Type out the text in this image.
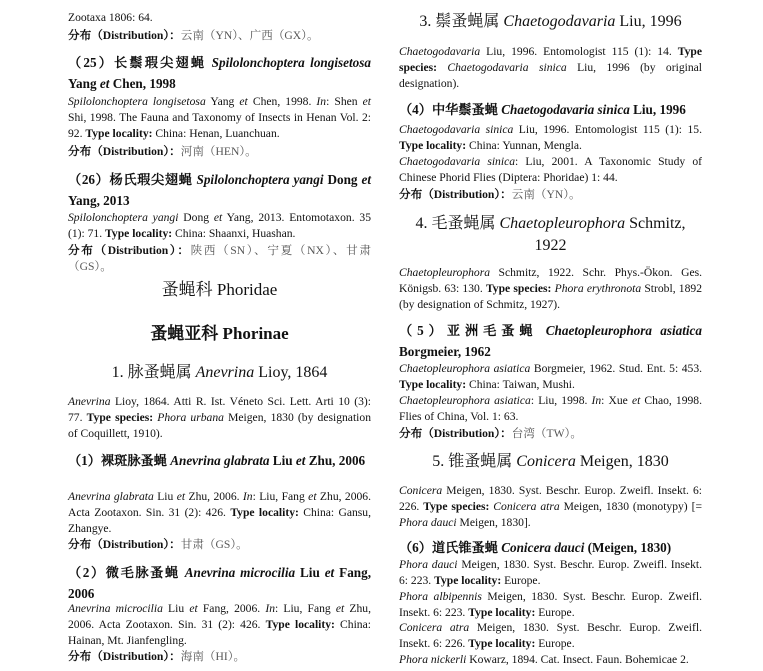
Zootaxa 1806: 64.
分布（Distribution）：云南（YN）、广西（GX）。
（25）长鬃瑕尖翅蝇 Spilolonchoptera longisetosa Yang et Chen, 1998
Spilolonchoptera longisetosa Yang et Chen, 1998. In: Shen et Shi, 1998. The Fauna and Taxonomy of Insects in Henan Vol. 2: 92. Type locality: China: Henan, Luanchuan.
分布（Distribution）：河南（HEN）。
（26）杨氏瑕尖翅蝇 Spilolonchoptera yangi Dong et Yang, 2013
Spilolonchoptera yangi Dong et Yang, 2013. Entomotaxon. 35 (1): 71. Type locality: China: Shaanxi, Huashan.
分布（Distribution）：陕西（SN）、宁夏（NX）、甘肃（GS）。
蚤蝇科 Phoridae
蚤蝇亚科 Phorinae
1. 脉蚤蝇属 Anevrina Lioy, 1864
Anevrina Lioy, 1864. Atti R. Ist. Véneto Sci. Lett. Arti 10 (3): 77. Type species: Phora urbana Meigen, 1830 (by designation of Coquillett, 1910).
（1）裸斑脉蚤蝇 Anevrina glabrata Liu et Zhu, 2006
Anevrina glabrata Liu et Zhu, 2006. In: Liu, Fang et Zhu, 2006. Acta Zootaxon. Sin. 31 (2): 426. Type locality: China: Gansu, Zhangye.
分布（Distribution）：甘肃（GS）。
（2）微毛脉蚤蝇 Anevrina microcilia Liu et Fang, 2006
Anevrina microcilia Liu et Fang, 2006. In: Liu, Fang et Zhu, 2006. Acta Zootaxon. Sin. 31 (2): 426. Type locality: China: Hainan, Mt. Jianfengling.
分布（Distribution）：海南（HI）。
3. 鬃蚤蝇属 Chaetogodavaria Liu, 1996
Chaetogodavaria Liu, 1996. Entomologist 115 (1): 14. Type species: Chaetogodavaria sinica Liu, 1996 (by original designation).
（4）中华鬃蚤蝇 Chaetogodavaria sinica Liu, 1996
Chaetogodavaria sinica Liu, 1996. Entomologist 115 (1): 15. Type locality: China: Yunnan, Mengla.
Chaetogodavaria sinica: Liu, 2001. A Taxonomic Study of Chinese Phorid Flies (Diptera: Phoridae) 1: 44.
分布（Distribution）：云南（YN）。
4. 毛蚤蝇属 Chaetopleurophora Schmitz, 1922
Chaetopleurophora Schmitz, 1922. Schr. Phys.-Ökon. Ges. Königsb. 63: 130. Type species: Phora erythronota Strobl, 1892 (by designation of Schmitz, 1927).
（5）亚洲毛蚤蝇 Chaetopleurophora asiatica Borgmeier, 1962
Chaetopleurophora asiatica Borgmeier, 1962. Stud. Ent. 5: 453. Type locality: China: Taiwan, Mushi.
Chaetopleurophora asiatica: Liu, 1998. In: Xue et Chao, 1998. Flies of China, Vol. 1: 63.
分布（Distribution）：台湾（TW）。
5. 锥蚤蝇属 Conicera Meigen, 1830
Conicera Meigen, 1830. Syst. Beschr. Europ. Zweifl. Insekt. 6: 226. Type species: Conicera atra Meigen, 1830 (monotypy) [= Phora dauci Meigen, 1830].
（6）道氏锥蚤蝇 Conicera dauci (Meigen, 1830)
Phora dauci Meigen, 1830. Syst. Beschr. Europ. Zweifl. Insekt. 6: 223. Type locality: Europe.
Phora albipennis Meigen, 1830. Syst. Beschr. Europ. Zweifl. Insekt. 6: 223. Type locality: Europe.
Conicera atra Meigen, 1830. Syst. Beschr. Europ. Zweifl. Insekt. 6: 226. Type locality: Europe.
Phora nickerli Kowarz, 1894. Cat. Insect. Faun. Bohemicae 2.
